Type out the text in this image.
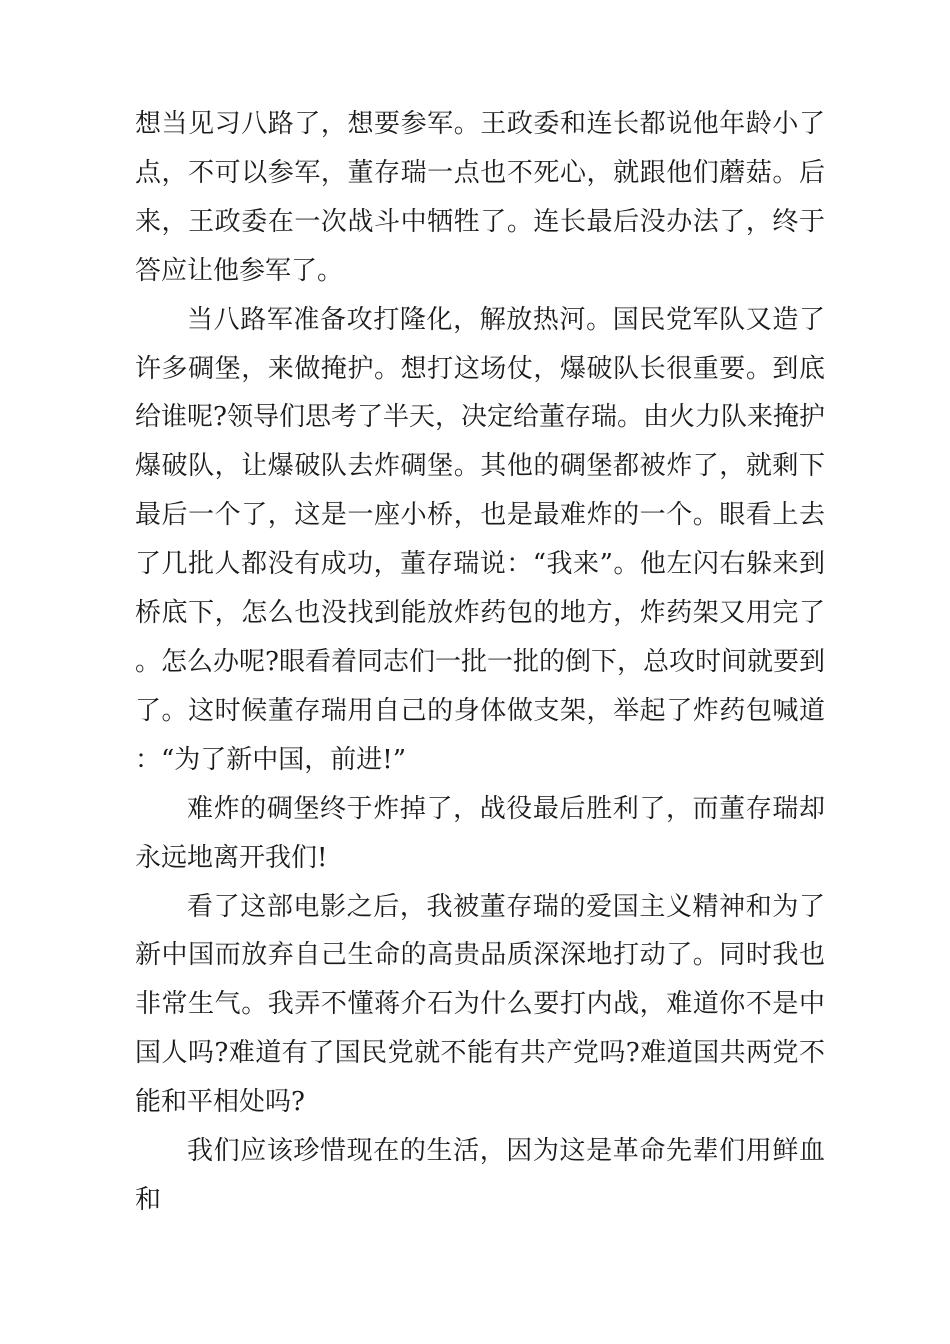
想当见习八路了，想要参军。王政委和连长都说他年龄小了点，不可以参军，董存瑞一点也不死心，就跟他们蘑菇。后来，王政委在一次战斗中牺牲了。连长最后没办法了，终于答应让他参军了。

当八路军准备攻打隆化，解放热河。国民党军队又造了许多碉堡，来做掩护。想打这场仗，爆破队长很重要。到底给谁呢?领导们思考了半天，决定给董存瑞。由火力队来掩护爆破队，让爆破队去炸碉堡。其他的碉堡都被炸了，就剩下最后一个了，这是一座小桥，也是最难炸的一个。眼看上去了几批人都没有成功，董存瑞说：“我来”。他左闪右躲来到桥底下，怎么也没找到能放炸药包的地方，炸药架又用完了。怎么办呢?眼看着同志们一批一批的倒下，总攻时间就要到了。这时候董存瑞用自己的身体做支架，举起了炸药包喊道：“为了新中国，前进!”

难炸的碉堡终于炸掉了，战役最后胜利了，而董存瑞却永远地离开我们!

看了这部电影之后，我被董存瑞的爱国主义精神和为了新中国而放弃自己生命的高贵品质深深地打动了。同时我也非常生气。我弄不懂蒋介石为什么要打内战，难道你不是中国人吗?难道有了国民党就不能有共产党吗?难道国共两党不能和平相处吗?

我们应该珍惜现在的生活，因为这是革命先辈们用鲜血和
